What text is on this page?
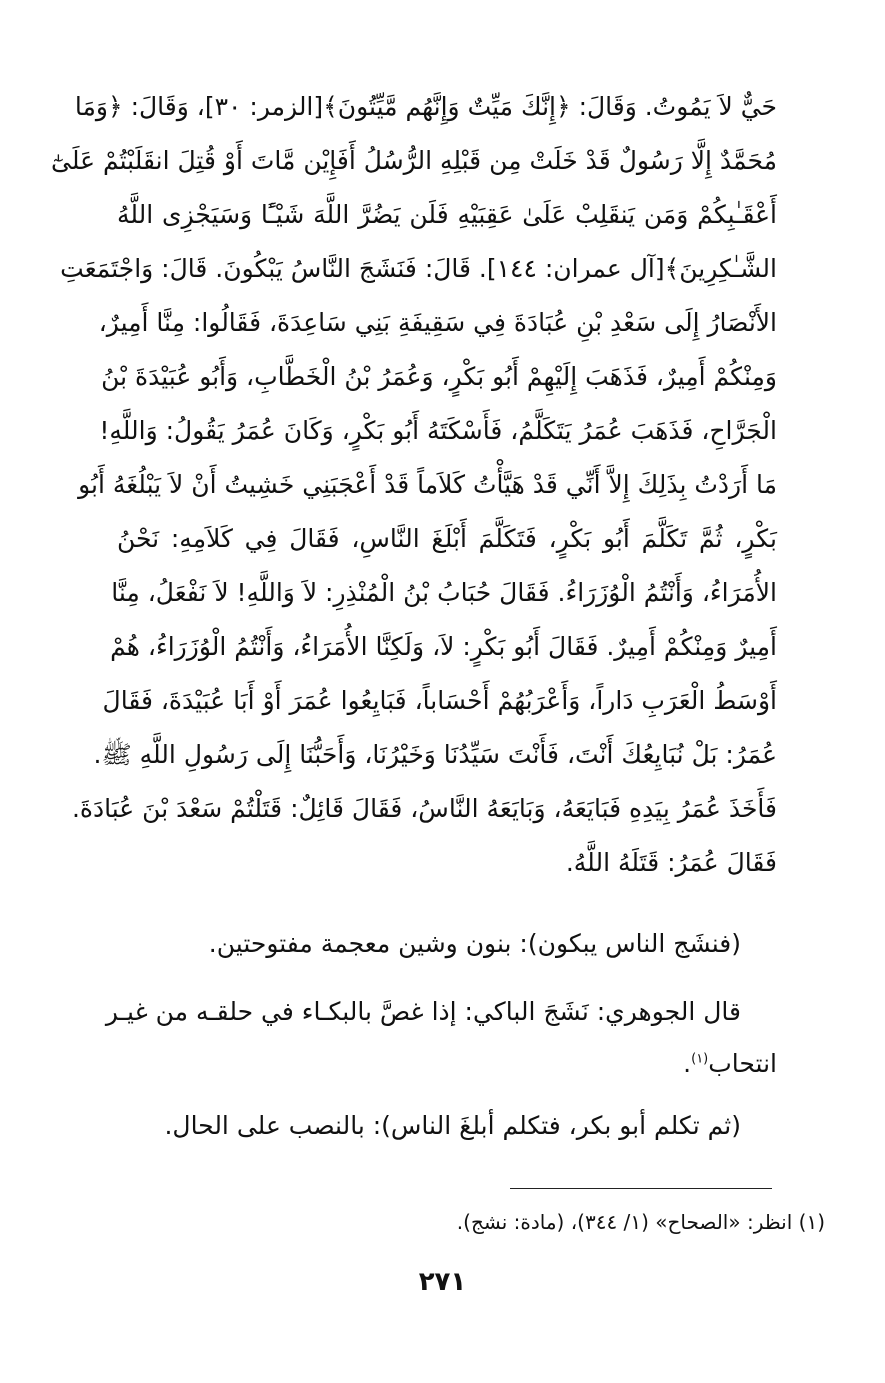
حَيٌّ لاَ يَمُوتُ. وَقَالَ: ﴿إِنَّكَ مَيِّتٌ وَإِنَّهُم مَّيِّتُونَ﴾[الزمر: ٣٠]، وَقَالَ: ﴿وَمَا
مُحَمَّدٌ إِلَّا رَسُولٌ قَدْ خَلَتْ مِن قَبْلِهِ الرُّسُلُ أَفَإِيْن مَّاتَ أَوْ قُتِلَ انقَلَبْتُمْ عَلَىٰٓ
أَعْقَـٰبِكُمْ وَمَن يَنقَلِبْ عَلَىٰ عَقِبَيْهِ فَلَن يَضُرَّ اللَّهَ شَيْـًٔا وَسَيَجْزِى اللَّهُ
الشَّـٰكِرِينَ﴾[آل عمران: ١٤٤]. قَالَ: فَنَشَجَ النَّاسُ يَبْكُونَ. قَالَ: وَاجْتَمَعَتِ
الأَنْصَارُ إِلَى سَعْدِ بْنِ عُبَادَةَ فِي سَقِيفَةِ بَنِي سَاعِدَةَ، فَقَالُوا: مِنَّا أَمِيرٌ،
وَمِنْكُمْ أَمِيرٌ، فَذَهَبَ إِلَيْهِمْ أَبُو بَكْرٍ، وَعُمَرُ بْنُ الْخَطَّابِ، وَأَبُو عُبَيْدَةَ بْنُ
الْجَرَّاحِ، فَذَهَبَ عُمَرُ يَتَكَلَّمُ، فَأَسْكَتَهُ أَبُو بَكْرٍ، وَكَانَ عُمَرُ يَقُولُ: وَاللَّهِ!
مَا أَرَدْتُ بِذَلِكَ إِلاَّ أَنِّي قَدْ هَيَّأْتُ كَلاَماً قَدْ أَعْجَبَنِي خَشِيتُ أَنْ لاَ يَبْلُغَهُ أَبُو
بَكْرٍ، ثُمَّ تَكَلَّمَ أَبُو بَكْرٍ، فَتَكَلَّمَ أَبْلَغَ النَّاسِ، فَقَالَ فِي كَلاَمِهِ: نَحْنُ
الأُمَرَاءُ، وَأَنْتُمُ الْوُزَرَاءُ. فَقَالَ حُبَابُ بْنُ الْمُنْذِرِ: لاَ وَاللَّهِ! لاَ نَفْعَلُ، مِنَّا
أَمِيرٌ وَمِنْكُمْ أَمِيرٌ. فَقَالَ أَبُو بَكْرٍ: لاَ، وَلَكِنَّا الأُمَرَاءُ، وَأَنْتُمُ الْوُزَرَاءُ، هُمْ
أَوْسَطُ الْعَرَبِ دَاراً، وَأَعْرَبُهُمْ أَحْسَاباً، فَبَايِعُوا عُمَرَ أَوْ أَبَا عُبَيْدَةَ، فَقَالَ
عُمَرُ: بَلْ نُبَايِعُكَ أَنْتَ، فَأَنْتَ سَيِّدُنَا وَخَيْرُنَا، وَأَحَبُّنَا إِلَى رَسُولِ اللَّهِ ﷺ.
فَأَخَذَ عُمَرُ بِيَدِهِ فَبَايَعَهُ، وَبَايَعَهُ النَّاسُ، فَقَالَ قَائِلٌ: قَتَلْتُمْ سَعْدَ بْنَ عُبَادَةَ.
فَقَالَ عُمَرُ: قَتَلَهُ اللَّهُ.
(فنشَج الناس يبكون): بنون وشين معجمة مفتوحتين.
قال الجوهري: نَشَجَ الباكي: إذا غصَّ بالبكـاء في حلقـه من غيـر
انتحاب$^{(١)}$.
(ثم تكلم أبو بكر، فتكلم أبلغَ الناس): بالنصب على الحال.
(١) انظر: «الصحاح» (١/ ٣٤٤)، (مادة: نشج).
٢٧١
